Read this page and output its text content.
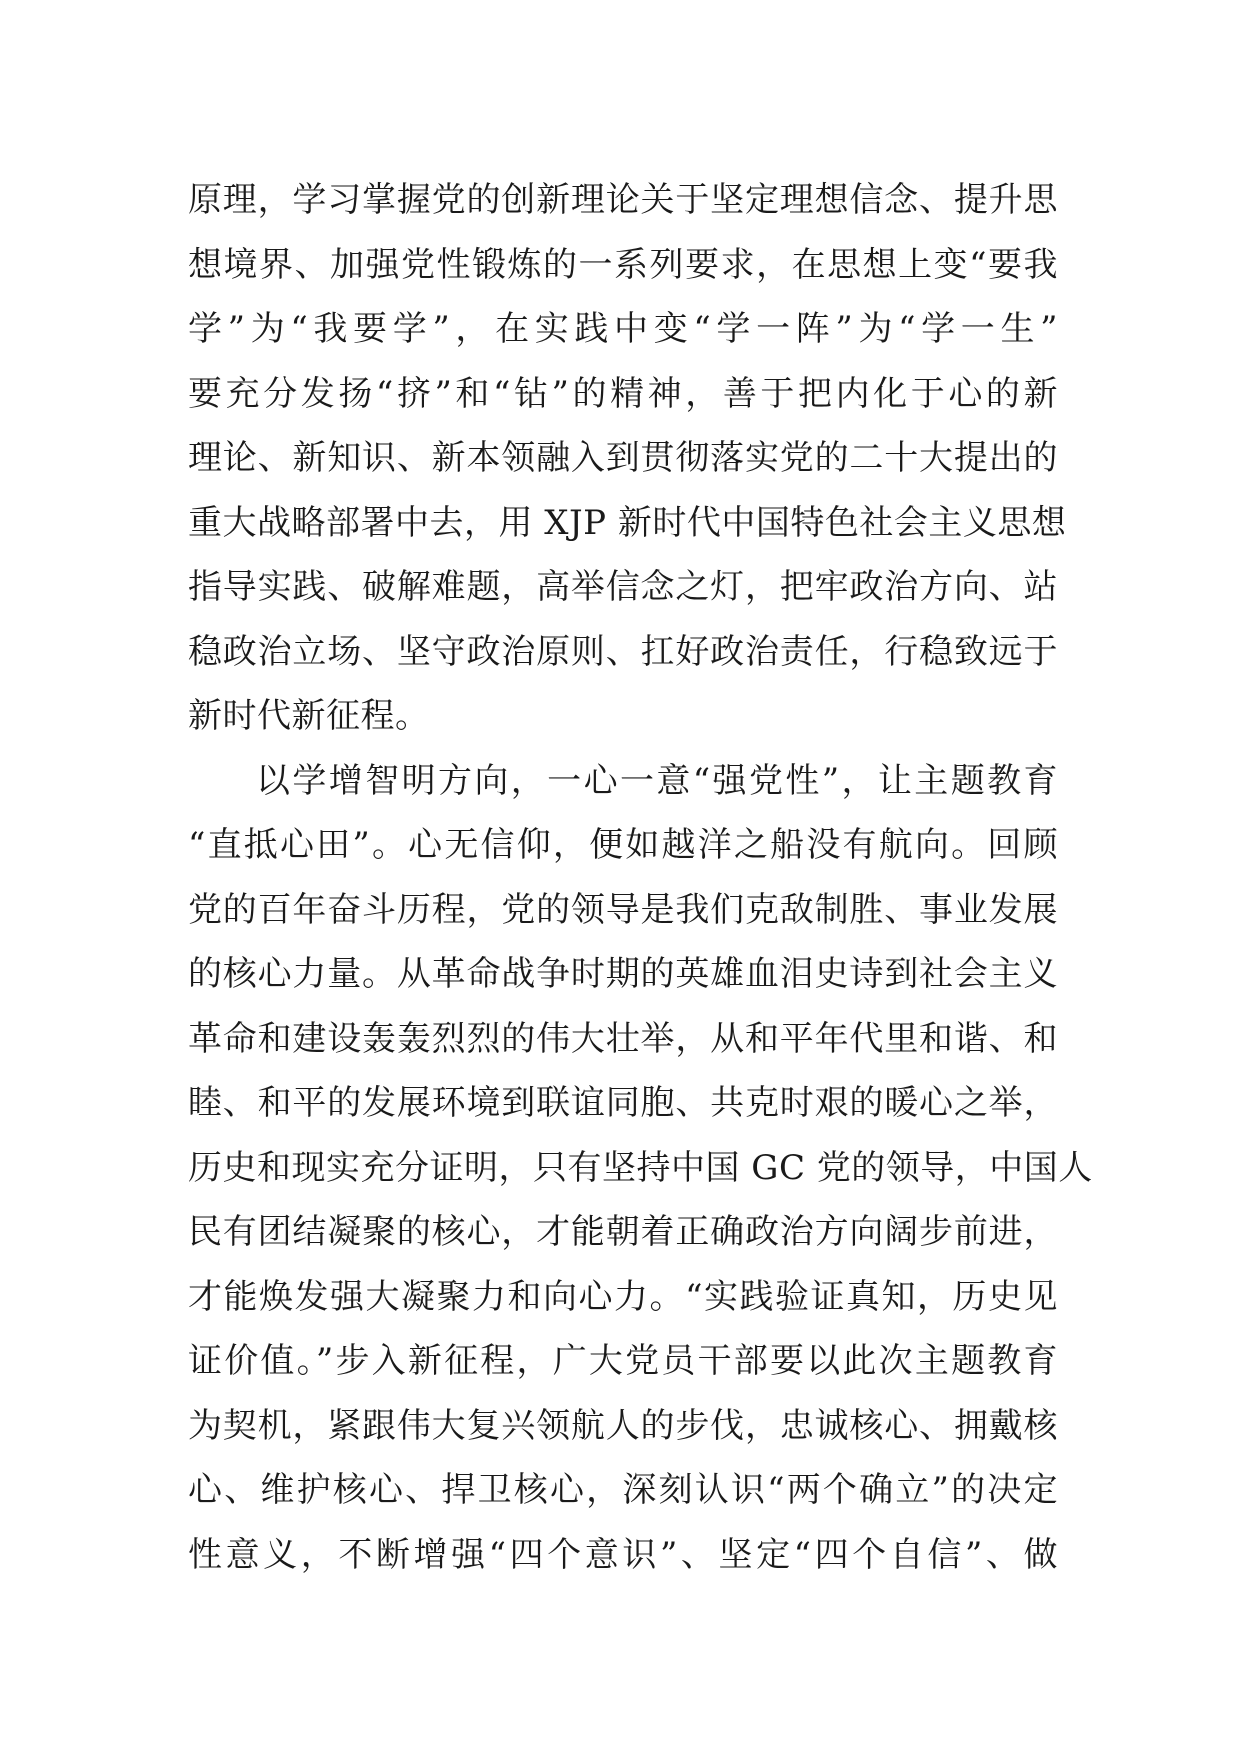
原理，学习掌握党的创新理论关于坚定理想信念、提升思
想境界、加强党性锻炼的一系列要求，在思想上变“要我
学”为“我要学”，在实践中变“学一阵”为“学一生”
要充分发扬“挤”和“钻”的精神，善于把内化于心的新
理论、新知识、新本领融入到贯彻落实党的二十大提出的
重大战略部署中去，用 XJP 新时代中国特色社会主义思想
指导实践、破解难题，高举信念之灯，把牢政治方向、站
稳政治立场、坚守政治原则、扛好政治责任，行稳致远于
新时代新征程。
以学增智明方向，一心一意“强党性”，让主题教育
“直抵心田”。心无信仰，便如越洋之船没有航向。回顾
党的百年奋斗历程，党的领导是我们克敌制胜、事业发展
的核心力量。从革命战争时期的英雄血泪史诗到社会主义
革命和建设轰轰烈烈的伟大壮举，从和平年代里和谐、和
睦、和平的发展环境到联谊同胞、共克时艰的暖心之举，
历史和现实充分证明，只有坚持中国 GC 党的领导，中国人
民有团结凝聚的核心，才能朝着正确政治方向阔步前进，
才能焕发强大凝聚力和向心力。“实践验证真知，历史见
证价值。”步入新征程，广大党员干部要以此次主题教育
为契机，紧跟伟大复兴领航人的步伐，忠诚核心、拥戴核
心、维护核心、捍卫核心，深刻认识“两个确立”的决定
性意义，不断增强“四个意识”、坚定“四个自信”、做
